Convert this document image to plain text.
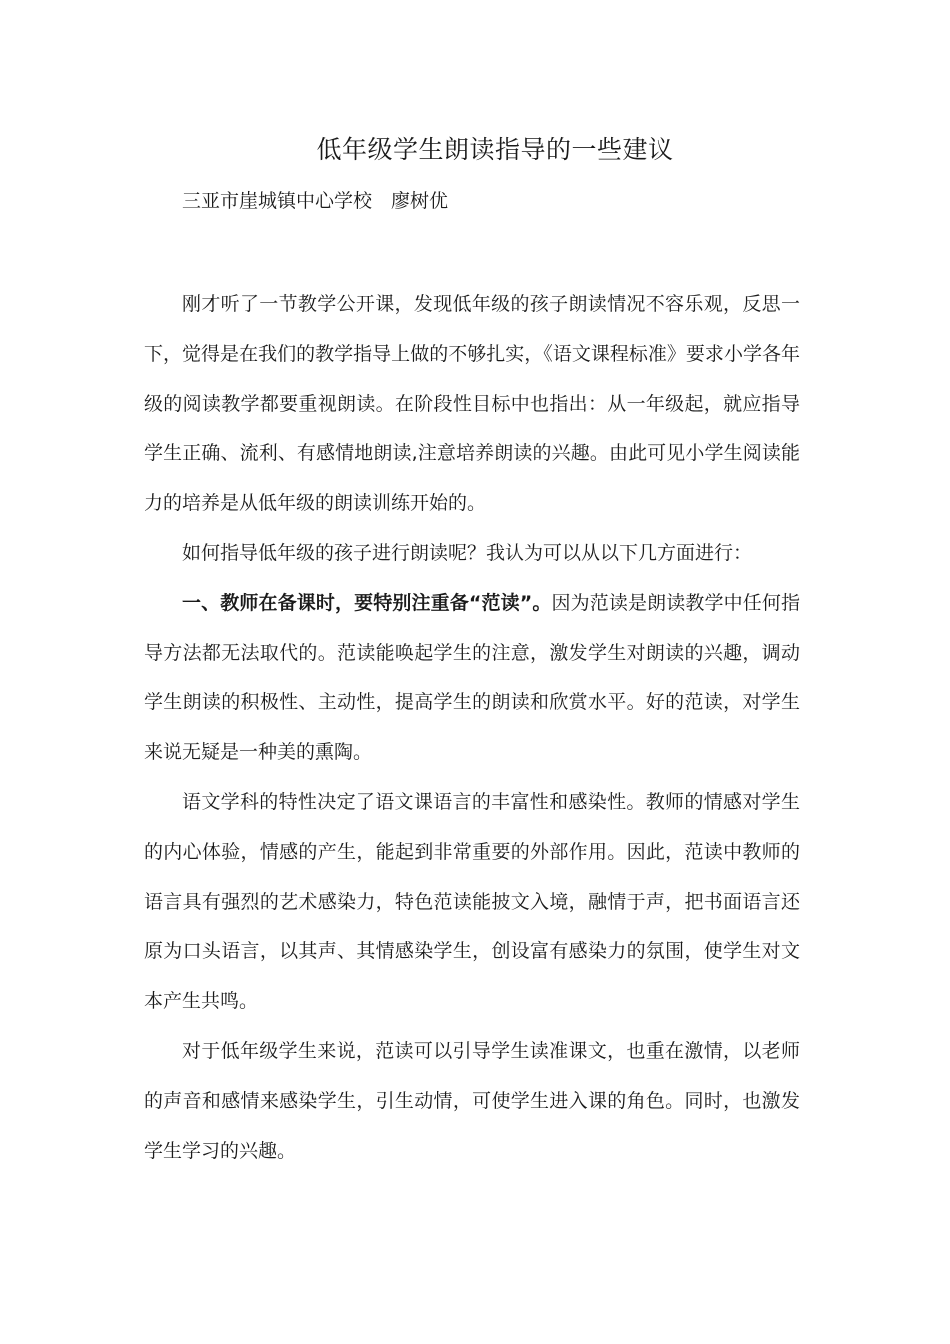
低年级学生朗读指导的一些建议
三亚市崖城镇中心学校　廖树优

刚才听了一节教学公开课，发现低年级的孩子朗读情况不容乐观，反思一下，觉得是在我们的教学指导上做的不够扎实，《语文课程标准》要求小学各年级的阅读教学都要重视朗读。在阶段性目标中也指出：从一年级起，就应指导学生正确、流利、有感情地朗读,注意培养朗读的兴趣。由此可见小学生阅读能力的培养是从低年级的朗读训练开始的。

如何指导低年级的孩子进行朗读呢？我认为可以从以下几方面进行：

一、教师在备课时，要特别注重备“范读”。因为范读是朗读教学中任何指导方法都无法取代的。范读能唤起学生的注意，激发学生对朗读的兴趣，调动学生朗读的积极性、主动性，提高学生的朗读和欣赏水平。好的范读，对学生来说无疑是一种美的熏陶。

语文学科的特性决定了语文课语言的丰富性和感染性。教师的情感对学生的内心体验，情感的产生，能起到非常重要的外部作用。因此，范读中教师的语言具有强烈的艺术感染力，特色范读能披文入境，融情于声，把书面语言还原为口头语言，以其声、其情感染学生，创设富有感染力的氛围，使学生对文本产生共鸣。

对于低年级学生来说，范读可以引导学生读准课文，也重在激情，以老师的声音和感情来感染学生，引生动情，可使学生进入课的角色。同时，也激发学生学习的兴趣。
